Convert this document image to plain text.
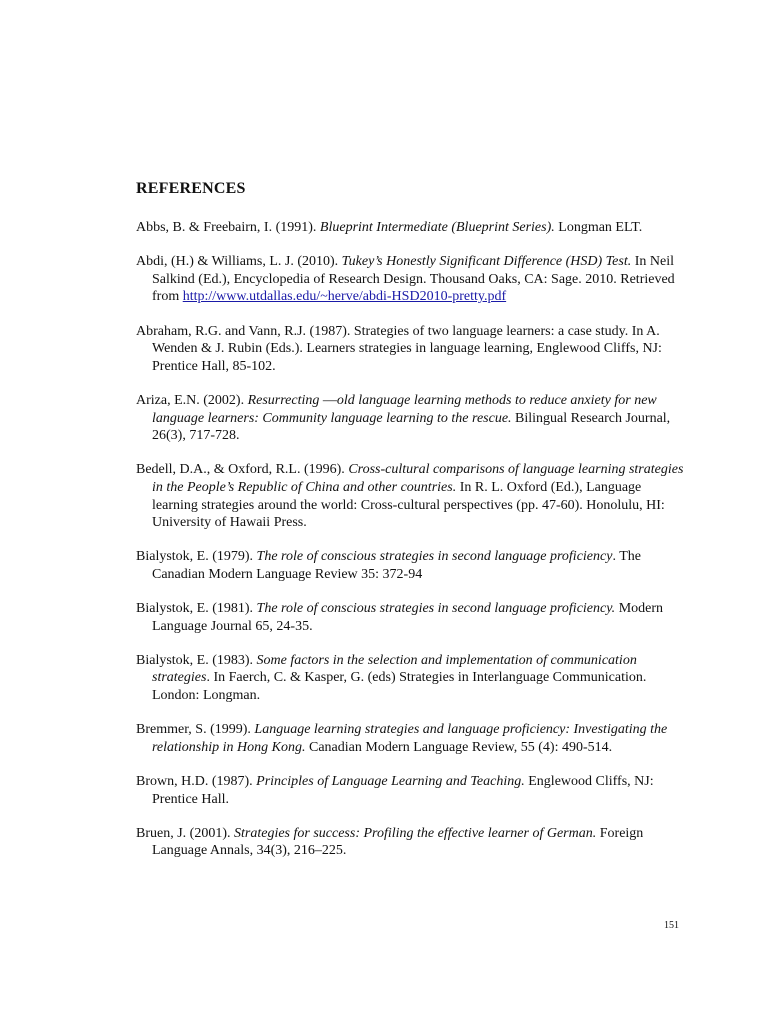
REFERENCES

Abbs, B. & Freebairn, I. (1991). Blueprint Intermediate (Blueprint Series). Longman ELT.

Abdi, (H.) & Williams, L. J. (2010). Tukey’s Honestly Significant Difference (HSD) Test. In Neil Salkind (Ed.), Encyclopedia of Research Design. Thousand Oaks, CA: Sage. 2010. Retrieved from http://www.utdallas.edu/~herve/abdi-HSD2010-pretty.pdf

Abraham, R.G. and Vann, R.J. (1987). Strategies of two language learners: a case study. In A. Wenden & J. Rubin (Eds.). Learners strategies in language learning, Englewood Cliffs, NJ: Prentice Hall, 85-102.

Ariza, E.N. (2002). Resurrecting ―old language learning methods to reduce anxiety for new language learners: Community language learning to the rescue. Bilingual Research Journal, 26(3), 717-728.

Bedell, D.A., & Oxford, R.L. (1996). Cross-cultural comparisons of language learning strategies in the People’s Republic of China and other countries. In R. L. Oxford (Ed.), Language learning strategies around the world: Cross-cultural perspectives (pp. 47-60). Honolulu, HI: University of Hawaii Press.

Bialystok, E. (1979). The role of conscious strategies in second language proficiency. The Canadian Modern Language Review 35: 372-94

Bialystok, E. (1981). The role of conscious strategies in second language proficiency. Modern Language Journal 65, 24-35.

Bialystok, E. (1983). Some factors in the selection and implementation of communication strategies. In Faerch, C. & Kasper, G. (eds) Strategies in Interlanguage Communication. London: Longman.

Bremmer, S. (1999). Language learning strategies and language proficiency: Investigating the relationship in Hong Kong. Canadian Modern Language Review, 55 (4): 490-514.

Brown, H.D. (1987). Principles of Language Learning and Teaching. Englewood Cliffs, NJ: Prentice Hall.

Bruen, J. (2001). Strategies for success: Profiling the effective learner of German. Foreign Language Annals, 34(3), 216–225.

151
